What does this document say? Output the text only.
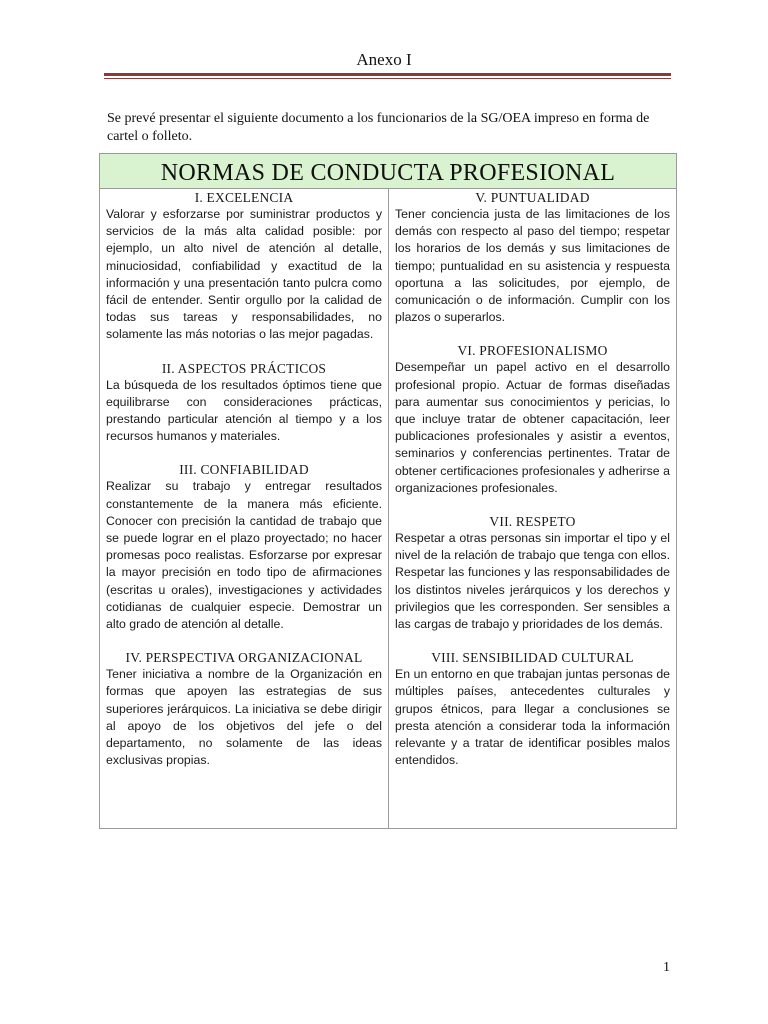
Anexo I
Se prevé presentar el siguiente documento a los funcionarios de la SG/OEA impreso en forma de cartel o folleto.
NORMAS DE CONDUCTA PROFESIONAL
I. EXCELENCIA

Valorar y esforzarse por suministrar productos y servicios de la más alta calidad posible: por ejemplo, un alto nivel de atención al detalle, minuciosidad, confiabilidad y exactitud de la información y una presentación tanto pulcra como fácil de entender. Sentir orgullo por la calidad de todas sus tareas y responsabilidades, no solamente las más notorias o las mejor pagadas.

II. ASPECTOS PRÁCTICOS

La búsqueda de los resultados óptimos tiene que equilibrarse con consideraciones prácticas, prestando particular atención al tiempo y a los recursos humanos y materiales.

III. CONFIABILIDAD

Realizar su trabajo y entregar resultados constantemente de la manera más eficiente. Conocer con precisión la cantidad de trabajo que se puede lograr en el plazo proyectado; no hacer promesas poco realistas. Esforzarse por expresar la mayor precisión en todo tipo de afirmaciones (escritas u orales), investigaciones y actividades cotidianas de cualquier especie. Demostrar un alto grado de atención al detalle.

IV. PERSPECTIVA ORGANIZACIONAL

Tener iniciativa a nombre de la Organización en formas que apoyen las estrategias de sus superiores jerárquicos. La iniciativa se debe dirigir al apoyo de los objetivos del jefe o del departamento, no solamente de las ideas exclusivas propias.

V. PUNTUALIDAD

Tener conciencia justa de las limitaciones de los demás con respecto al paso del tiempo; respetar los horarios de los demás y sus limitaciones de tiempo; puntualidad en su asistencia y respuesta oportuna a las solicitudes, por ejemplo, de comunicación o de información. Cumplir con los plazos o superarlos.

VI. PROFESIONALISMO

Desempeñar un papel activo en el desarrollo profesional propio. Actuar de formas diseñadas para aumentar sus conocimientos y pericias, lo que incluye tratar de obtener capacitación, leer publicaciones profesionales y asistir a eventos, seminarios y conferencias pertinentes. Tratar de obtener certificaciones profesionales y adherirse a organizaciones profesionales.

VII. RESPETO

Respetar a otras personas sin importar el tipo y el nivel de la relación de trabajo que tenga con ellos. Respetar las funciones y las responsabilidades de los distintos niveles jerárquicos y los derechos y privilegios que les corresponden. Ser sensibles a las cargas de trabajo y prioridades de los demás.

VIII. SENSIBILIDAD CULTURAL

En un entorno en que trabajan juntas personas de múltiples países, antecedentes culturales y grupos étnicos, para llegar a conclusiones se presta atención a considerar toda la información relevante y a tratar de identificar posibles malos entendidos.

1
